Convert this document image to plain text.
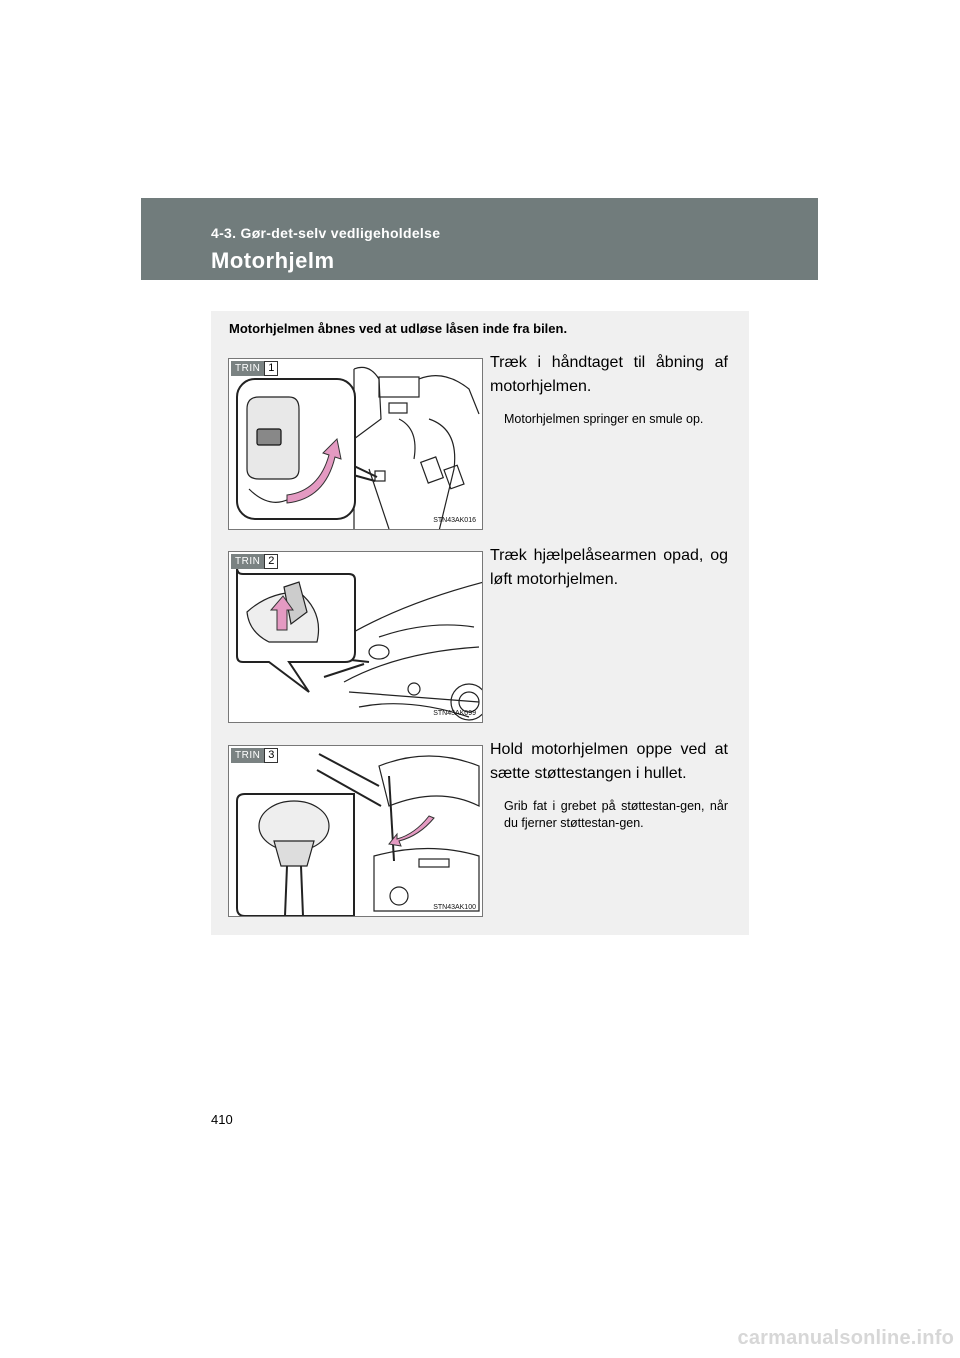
4-3. Gør-det-selv vedligeholdelse
Motorhjelm
Motorhjelmen åbnes ved at udløse låsen inde fra bilen.
TRIN 1
STN43AK016
Træk i håndtaget til åbning af motorhjelmen.
Motorhjelmen springer en smule op.
TRIN 2
STN43AK099
Træk hjælpelåsearmen opad, og løft motorhjelmen.
TRIN 3
STN43AK100
Hold motorhjelmen oppe ved at sætte støttestangen i hullet.
Grib fat i grebet på støttestan-gen, når du fjerner støttestan-gen.
410
carmanualsonline.info
